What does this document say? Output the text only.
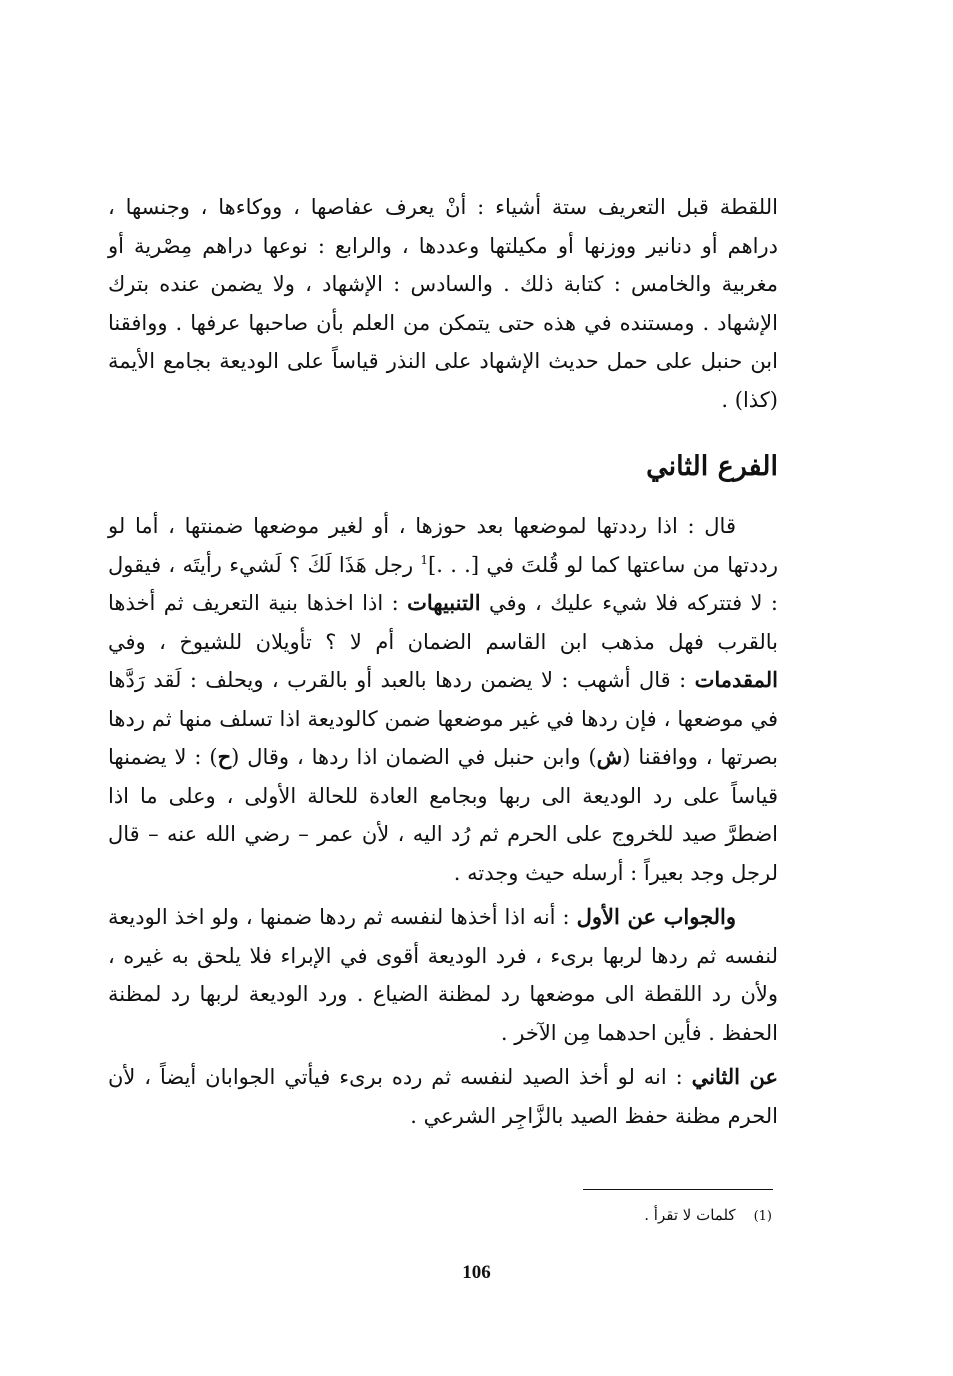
اللقطة قبل التعريف ستة أشياء : أنْ يعرف عفاصها ، ووكاءها ، وجنسها ، دراهم أو دنانير ووزنها أو مكيلتها وعددها ، والرابع : نوعها دراهم مِصْرية أو مغربية والخامس : كتابة ذلك . والسادس : الإشهاد ، ولا يضمن عنده بترك الإشهاد . ومستنده في هذه حتى يتمكن من العلم بأن صاحبها عرفها . ووافقنا ابن حنبل على حمل حديث الإشهاد على النذر قياساً على الوديعة بجامع الأيمة (كذا) .

الفرع الثاني

قال : اذا رددتها لموضعها بعد حوزها ، أو لغير موضعها ضمنتها ، أما لو رددتها من ساعتها كما لو قُلتَ في [. . .]$^1$ رجل هَذَا لَكَ ؟ لَشيء رأيتَه ، فيقول : لا فتتركه فلا شيء عليك ، وفي التنبيهات : اذا اخذها بنية التعريف ثم أخذها بالقرب فهل مذهب ابن القاسم الضمان أم لا ؟ تأويلان للشيوخ ، وفي المقدمات : قال أشهب : لا يضمن ردها بالعبد أو بالقرب ، ويحلف : لَقد رَدَّها في موضعها ، فإن ردها في غير موضعها ضمن كالوديعة اذا تسلف منها ثم ردها بصرتها ، ووافقنا (ش) وابن حنبل في الضمان اذا ردها ، وقال (ح) : لا يضمنها قياساً على رد الوديعة الى ربها وبجامع العادة للحالة الأولى ، وعلى ما اذا اضطرَّ صيد للخروج على الحرم ثم رُد اليه ، لأن عمر – رضي الله عنه – قال لرجل وجد بعيراً : أرسله حيث وجدته .

والجواب عن الأول : أنه اذا أخذها لنفسه ثم ردها ضمنها ، ولو اخذ الوديعة لنفسه ثم ردها لربها برىء ، فرد الوديعة أقوى في الإبراء فلا يلحق به غيره ، ولأن رد اللقطة الى موضعها رد لمظنة الضياع . ورد الوديعة لربها رد لمظنة الحفظ . فأين احدهما مِن الآخر .

عن الثاني : انه لو أخذ الصيد لنفسه ثم رده برىء فيأتي الجوابان أيضاً ، لأن الحرم مظنة حفظ الصيد بالزَّاجِر الشرعي .

(1)كلمات لا تقرأ .
106
